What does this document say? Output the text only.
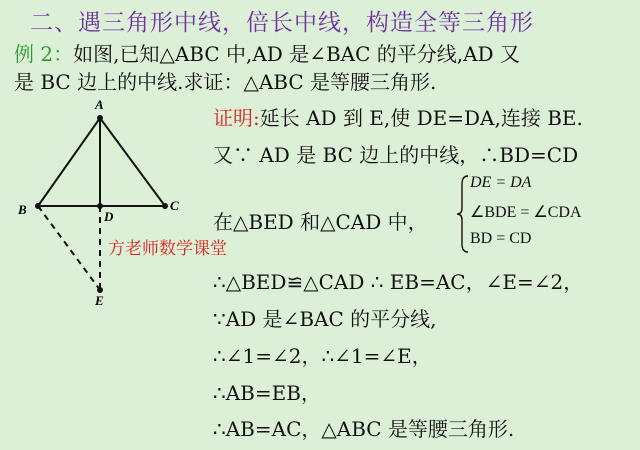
二、遇三角形中线，倍长中线，构造全等三角形
例 2：如图,已知△ABC 中,AD 是∠BAC 的平分线,AD 又
是 BC 边上的中线.求证：△ABC 是等腰三角形.
A
B	C
D
E
方老师数学课堂
证明:延长 AD 到 E,使 DE=DA,连接 BE.
又∵ AD 是 BC 边上的中线，∴BD=CD
在△BED 和△CAD 中，
DE = DA
∠BDE = ∠CDA
BD = CD
∴△BED≌△CAD ∴ EB=AC，∠E=∠2，
∵AD 是∠BAC 的平分线,
∴∠1=∠2，∴∠1=∠E，
∴AB=EB，
∴AB=AC，△ABC 是等腰三角形.
